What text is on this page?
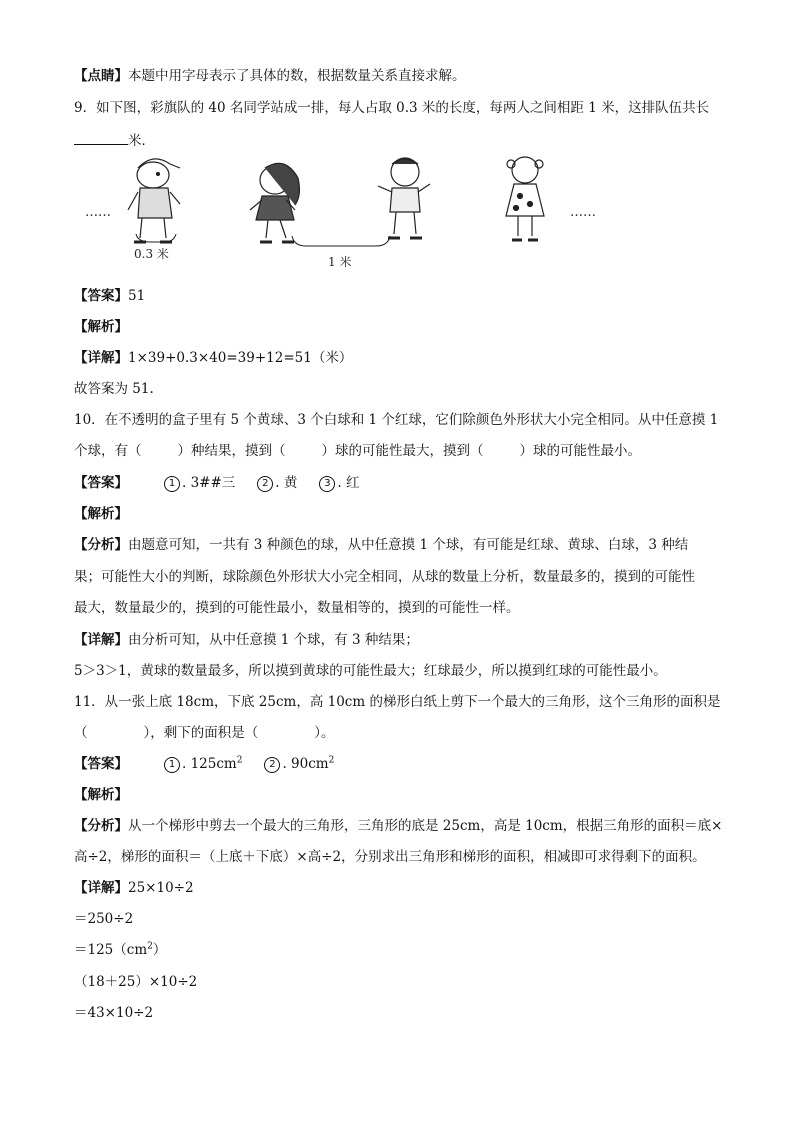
【点睛】本题中用字母表示了具体的数，根据数量关系直接求解。
9．如下图，彩旗队的 40 名同学站成一排，每人占取 0.3 米的长度，每两人之间相距 1 米，这排队伍共长
米．
……	……
0.3 米
1 米
【答案】51
【解析】
【详解】1×39+0.3×40=39+12=51（米）
故答案为 51.
10．在不透明的盒子里有 5 个黄球、3 个白球和 1 个红球，它们除颜色外形状大小完全相同。从中任意摸 1
个球，有（	）种结果，摸到（	）球的可能性最大，摸到（	）球的可能性最小。
【答案】	1 . 3##三	2 . 黄	3 . 红
【解析】
【分析】由题意可知，一共有 3 种颜色的球，从中任意摸 1 个球，有可能是红球、黄球、白球，3 种结
果；可能性大小的判断，球除颜色外形状大小完全相同，从球的数量上分析，数量最多的，摸到的可能性
最大，数量最少的，摸到的可能性最小，数量相等的，摸到的可能性一样。
【详解】由分析可知，从中任意摸 1 个球，有 3 种结果；
5＞3＞1，黄球的数量最多，所以摸到黄球的可能性最大；红球最少，所以摸到红球的可能性最小。
11．从一张上底 18cm，下底 25cm，高 10cm 的梯形白纸上剪下一个最大的三角形，这个三角形的面积是
（	），剩下的面积是（	）。
【答案】	1 . $125cm^2$	2 . $90cm^2$
【解析】
【分析】从一个梯形中剪去一个最大的三角形，三角形的底是 25cm，高是 10cm，根据三角形的面积＝底×
高÷2，梯形的面积＝（上底＋下底）×高÷2，分别求出三角形和梯形的面积，相减即可求得剩下的面积。
【详解】25×10÷2
＝250÷2
$=125(cm^2)$
（18＋25）×10÷2
＝43×10÷2
